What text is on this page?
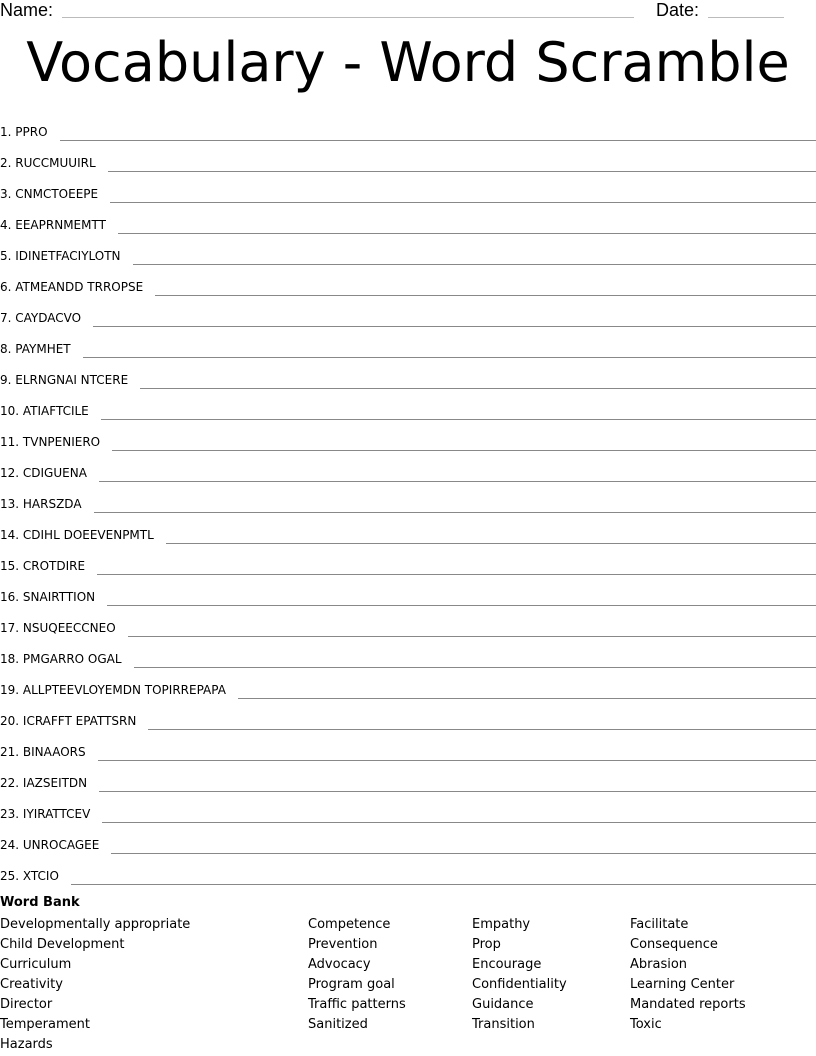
Name:	Date:
Vocabulary - Word Scramble
1. PPRO
2. RUCCMUUIRL
3. CNMCTOEEPE
4. EEAPRNMEMTT
5. IDINETFACIYLOTN
6. ATMEANDD TRROPSE
7. CAYDACVO
8. PAYMHET
9. ELRNGNAI NTCERE
10. ATIAFTCILE
11. TVNPENIERO
12. CDIGUENA
13. HARSZDA
14. CDIHL DOEEVENPMTL
15. CROTDIRE
16. SNAIRTTION
17. NSUQEECCNEO
18. PMGARRO OGAL
19. ALLPTEEVLOYEMDN TOPIRREPAPA
20. ICRAFFT EPATTSRN
21. BINAAORS
22. IAZSEITDN
23. IYIRATTCEV
24. UNROCAGEE
25. XTCIO
Word Bank
Developmentally appropriate
Child Development
Curriculum
Creativity
Director
Temperament
Hazards
Competence
Prevention
Advocacy
Program goal
Traffic patterns
Sanitized
Empathy
Prop
Encourage
Confidentiality
Guidance
Transition
Facilitate
Consequence
Abrasion
Learning Center
Mandated reports
Toxic
